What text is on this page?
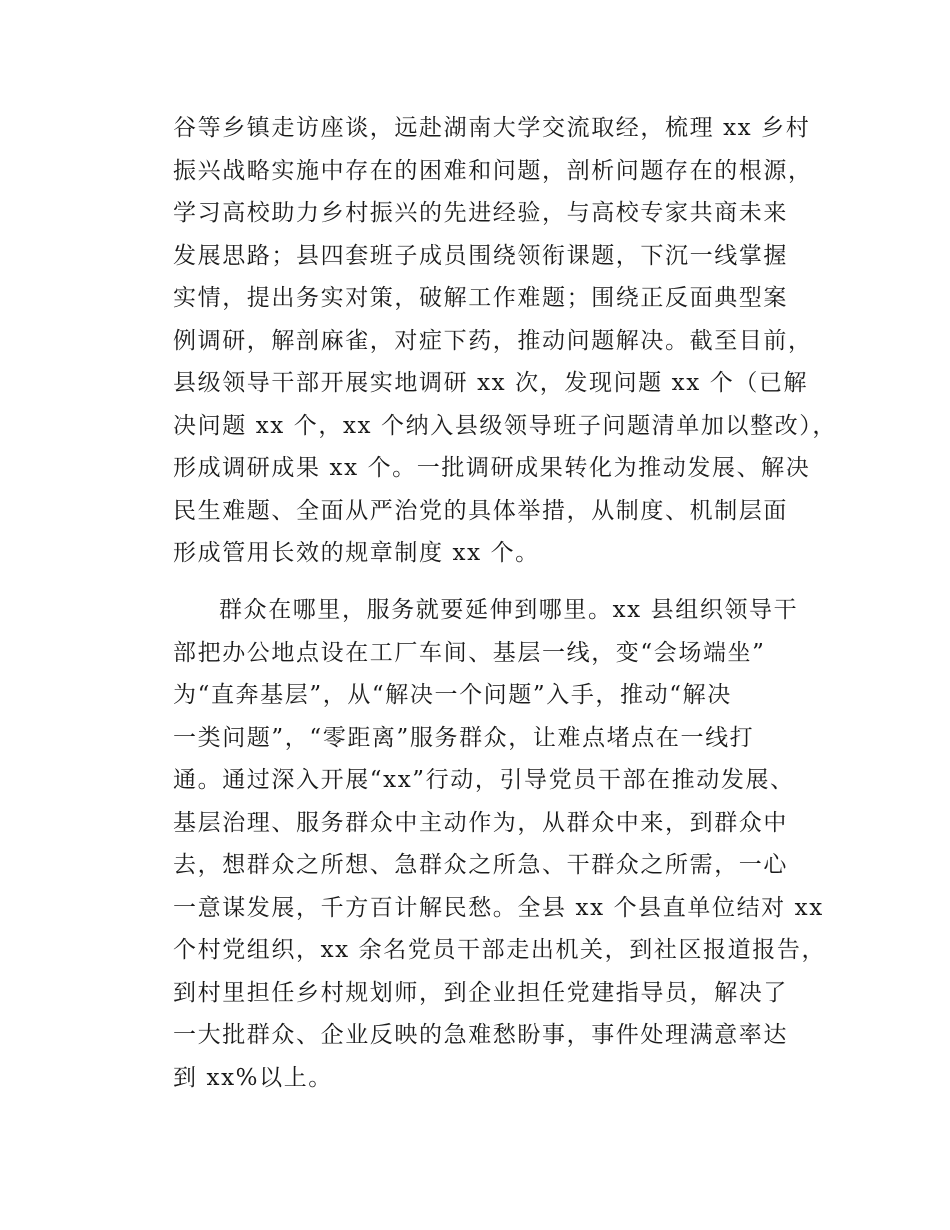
谷等乡镇走访座谈，远赴湖南大学交流取经，梳理 xx 乡村
振兴战略实施中存在的困难和问题，剖析问题存在的根源，
学习高校助力乡村振兴的先进经验，与高校专家共商未来
发展思路；县四套班子成员围绕领衔课题，下沉一线掌握
实情，提出务实对策，破解工作难题；围绕正反面典型案
例调研，解剖麻雀，对症下药，推动问题解决。截至目前，
县级领导干部开展实地调研 xx 次，发现问题 xx 个（已解
决问题 xx 个，xx 个纳入县级领导班子问题清单加以整改），
形成调研成果 xx 个。一批调研成果转化为推动发展、解决
民生难题、全面从严治党的具体举措，从制度、机制层面
形成管用长效的规章制度 xx 个。
群众在哪里，服务就要延伸到哪里。xx 县组织领导干
部把办公地点设在工厂车间、基层一线，变“会场端坐”
为“直奔基层”，从“解决一个问题”入手，推动“解决
一类问题”，“零距离”服务群众，让难点堵点在一线打
通。通过深入开展“xx”行动，引导党员干部在推动发展、
基层治理、服务群众中主动作为，从群众中来，到群众中
去，想群众之所想、急群众之所急、干群众之所需，一心
一意谋发展，千方百计解民愁。全县 xx 个县直单位结对 xx
个村党组织，xx 余名党员干部走出机关，到社区报道报告，
到村里担任乡村规划师，到企业担任党建指导员，解决了
一大批群众、企业反映的急难愁盼事，事件处理满意率达
到 xx%以上。
